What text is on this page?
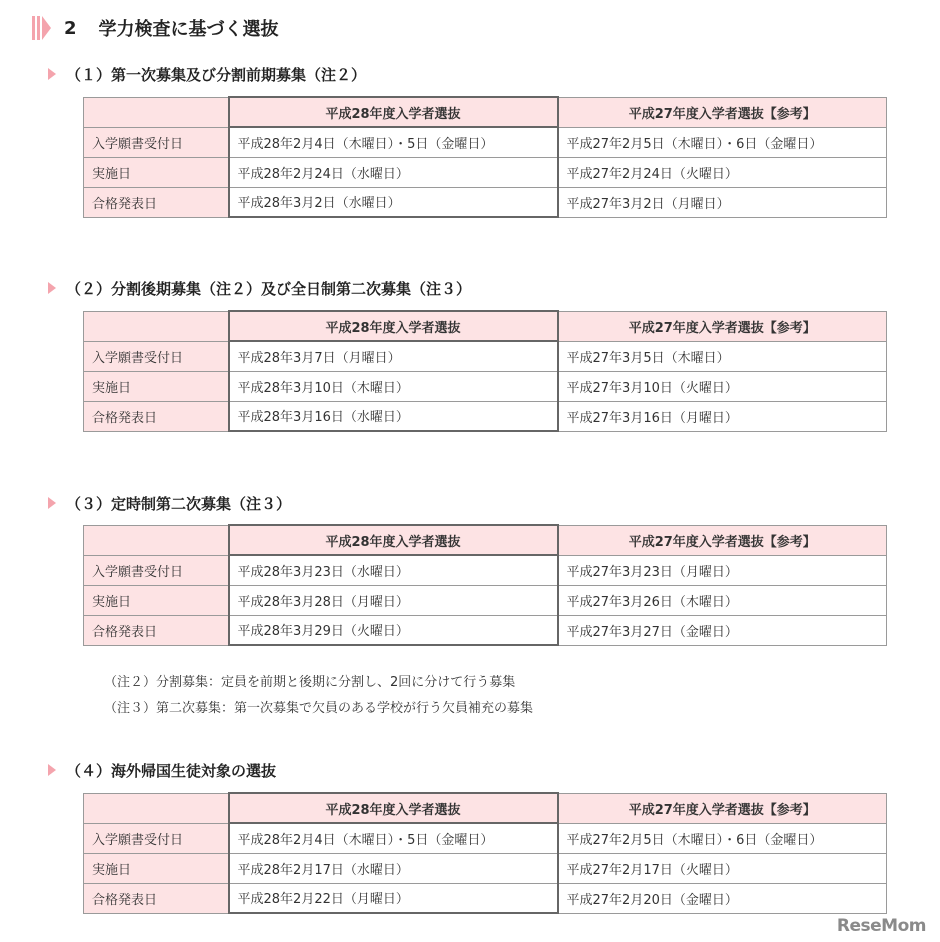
2 学力検査に基づく選抜
（１）第一次募集及び分割前期募集（注２）
	平成28年度入学者選抜	平成27年度入学者選抜【参考】
入学願書受付日	平成28年2月4日（木曜日）・5日（金曜日）	平成27年2月5日（木曜日）・6日（金曜日）
実施日	平成28年2月24日（水曜日）	平成27年2月24日（火曜日）
合格発表日	平成28年3月2日（水曜日）	平成27年3月2日（月曜日）
（２）分割後期募集（注２）及び全日制第二次募集（注３）
	平成28年度入学者選抜	平成27年度入学者選抜【参考】
入学願書受付日	平成28年3月7日（月曜日）	平成27年3月5日（木曜日）
実施日	平成28年3月10日（木曜日）	平成27年3月10日（火曜日）
合格発表日	平成28年3月16日（水曜日）	平成27年3月16日（月曜日）
（３）定時制第二次募集（注３）
	平成28年度入学者選抜	平成27年度入学者選抜【参考】
入学願書受付日	平成28年3月23日（水曜日）	平成27年3月23日（月曜日）
実施日	平成28年3月28日（月曜日）	平成27年3月26日（木曜日）
合格発表日	平成28年3月29日（火曜日）	平成27年3月27日（金曜日）
（注２）分割募集：定員を前期と後期に分割し、2回に分けて行う募集
（注３）第二次募集：第一次募集で欠員のある学校が行う欠員補充の募集
（４）海外帰国生徒対象の選抜
	平成28年度入学者選抜	平成27年度入学者選抜【参考】
入学願書受付日	平成28年2月4日（木曜日）・5日（金曜日）	平成27年2月5日（木曜日）・6日（金曜日）
実施日	平成28年2月17日（水曜日）	平成27年2月17日（火曜日）
合格発表日	平成28年2月22日（月曜日）	平成27年2月20日（金曜日）
ReseMom
